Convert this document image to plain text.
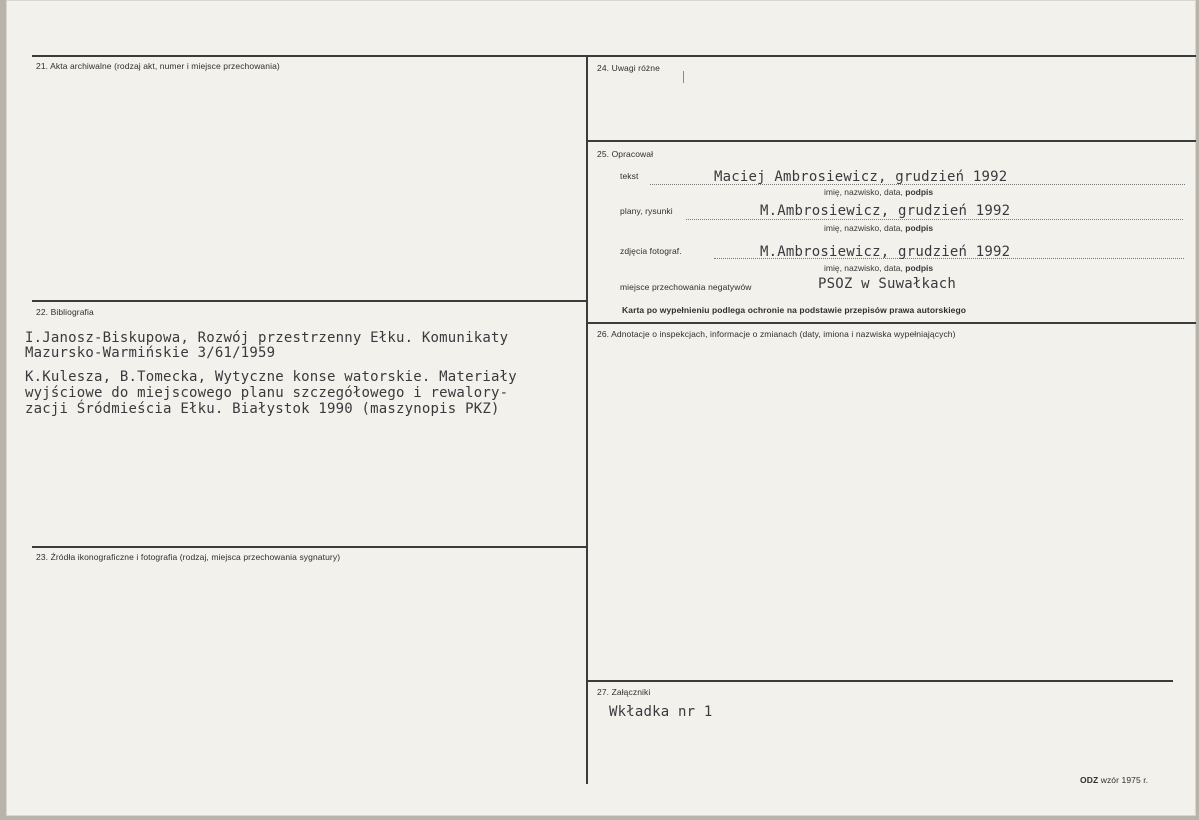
21. Akta archiwalne (rodzaj akt, numer i miejsce przechowania)
22. Bibliografia
I.Janosz-Biskupowa, Rozwój przestrzenny Ełku. Komunikaty
Mazursko-Warmińskie 3/61/1959
K.Kulesza, B.Tomecka, Wytyczne konse watorskie. Materiały
wyjściowe do miejscowego planu szczegółowego i rewalory-
zacji Śródmieścia Ełku. Białystok 1990 (maszynopis PKZ)
23. Źródła ikonograficzne i fotografia (rodzaj, miejsca przechowania sygnatury)
24. Uwagi różne
25. Opracował
tekst	Maciej Ambrosiewicz, grudzień 1992
imię, nazwisko, data, podpis
plany, rysunki	M.Ambrosiewicz, grudzień 1992
imię, nazwisko, data, podpis
zdjęcia fotograf.	M.Ambrosiewicz, grudzień 1992
imię, nazwisko, data, podpis
miejsce przechowania negatywów	PSOZ w Suwałkach
Karta po wypełnieniu podlega ochronie na podstawie przepisów prawa autorskiego
26. Adnotacje o inspekcjach, informacje o zmianach (daty, imiona i nazwiska wypełniających)
27. Załączniki
Wkładka nr 1
ODZ wzór 1975 r.
